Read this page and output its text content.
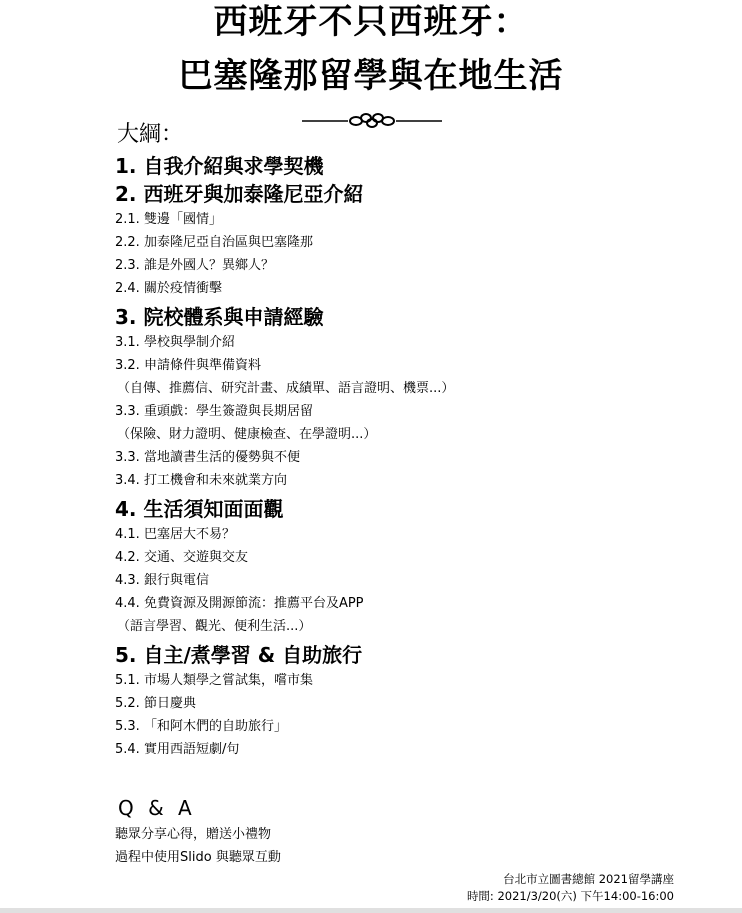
西班牙不只西班牙：
巴塞隆那留學與在地生活
大綱：
1. 自我介紹與求學契機
2. 西班牙與加泰隆尼亞介紹
2.1. 雙邊「國情」
2.2. 加泰隆尼亞自治區與巴塞隆那
2.3. 誰是外國人？異鄉人？
2.4. 關於疫情衝擊
3. 院校體系與申請經驗
3.1. 學校與學制介紹
3.2. 申請條件與準備資料
（自傳、推薦信、研究計畫、成績單、語言證明、機票...）
3.3. 重頭戲：學生簽證與長期居留
（保險、財力證明、健康檢查、在學證明...）
3.3. 當地讀書生活的優勢與不便
3.4. 打工機會和未來就業方向
4. 生活須知面面觀
4.1. 巴塞居大不易？
4.2. 交通、交遊與交友
4.3. 銀行與電信
4.4. 免費資源及開源節流：推薦平台及APP
（語言學習、觀光、便利生活...）
5. 自主/煮學習 & 自助旅行
5.1. 市場人類學之嘗試集，嚐市集
5.2. 節日慶典
5.3. 「和阿木們的自助旅行」
5.4. 實用西語短劇/句
Q & A
聽眾分享心得，贈送小禮物
過程中使用Slido 與聽眾互動
台北市立圖書總館 2021留學講座
時間: 2021/3/20(六) 下午14:00-16:00
